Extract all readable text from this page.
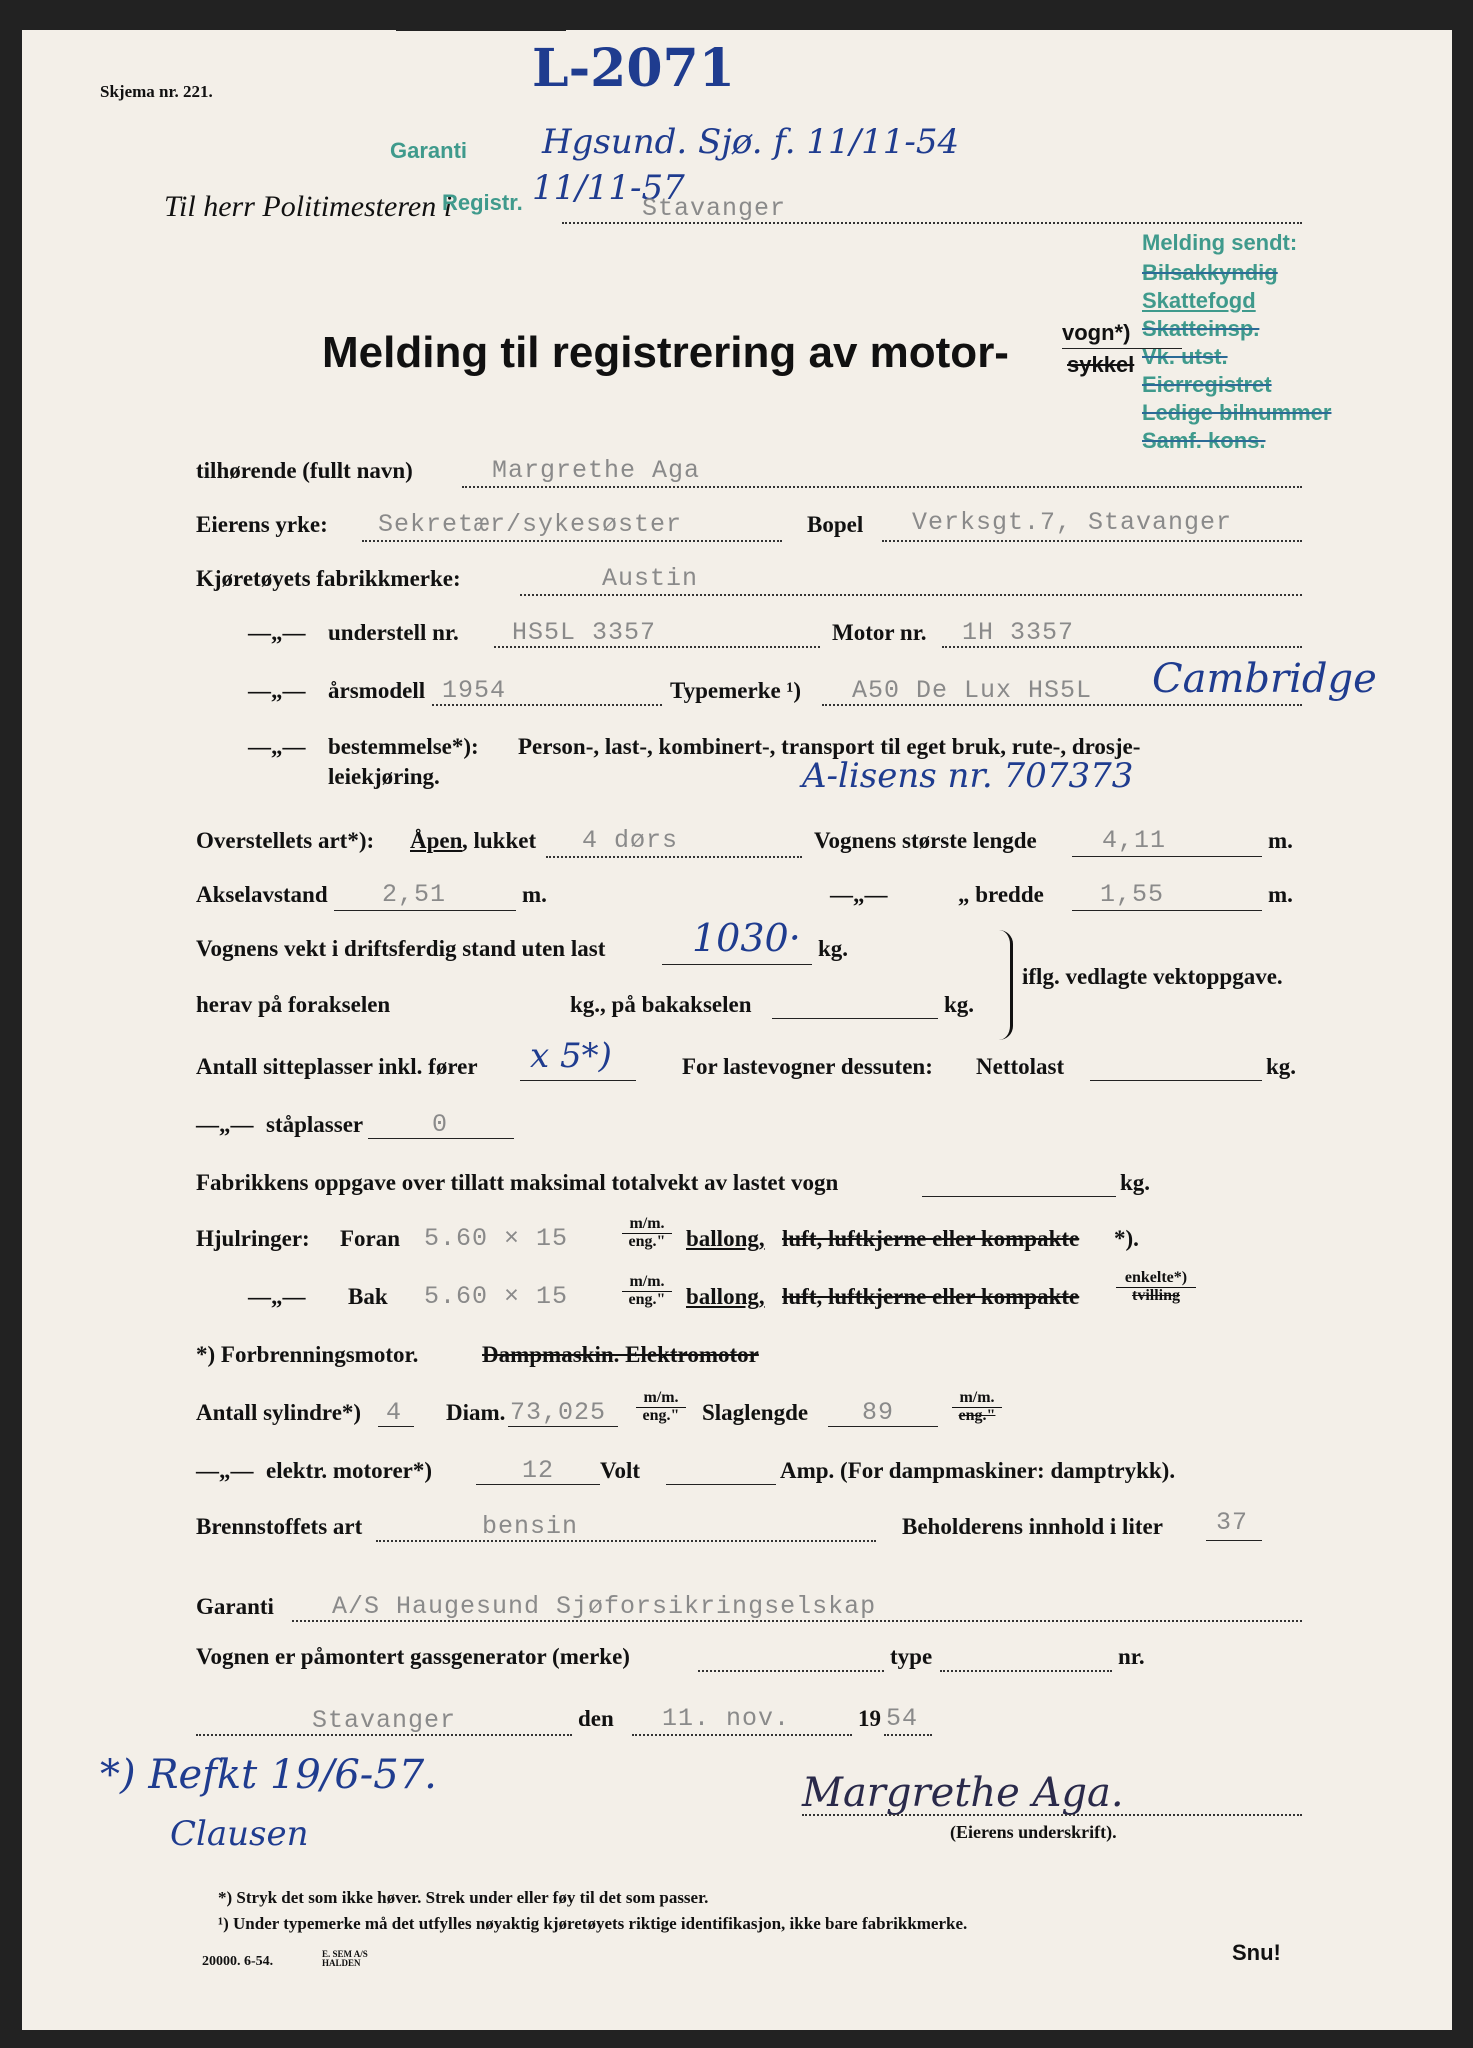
Skjema nr. 221.	L-2071
Garanti Hgsund. Sjø. f. 11/11-54
Til herr Politimesteren i
Registr. 11/11-57
Stavanger
Melding sendt:
Bilsakkyndig
Skattefogd
Skatteinsp.
Vk. utst.
Eierregistret
Ledige bilnummer
Samf. kons.
Melding til registrering av motor- vogn*)
sykkel
tilhørende (fullt navn)	Margrethe Aga
Eierens yrke: Sekretær/sykesøster	Bopel Verksgt.7, Stavanger
Kjøretøyets fabrikkmerke:	Austin
—„— understell nr. HS5L 3357	Motor nr. 1H 3357
—„— årsmodell 1954	Typemerke ¹) A50 De Lux HS5L Cambridge
—„— bestemmelse*): Person-, last-, kombinert-, transport til eget bruk, rute-, drosje-
leiekjøring.	A-lisens nr. 707373
Overstellets art*): Åpen , lukket 4 dørs	Vognens største lengde	4,11	m.
Akselavstand 2,51	m.	—„—	„ bredde 1,55	m.
Vognens vekt i driftsferdig stand uten last 1030· kg.
herav på forakselen	kg., på bakakselen	kg.
iflg. vedlagte vektoppgave.
Antall sitteplasser inkl. fører x 5*)	For lastevogner dessuten: Nettolast	kg.
—„— ståplasser	0
Fabrikkens oppgave over tillatt maksimal totalvekt av lastet vogn	kg.
Hjulringer: Foran 5.60 × 15
m/m.
eng." ballong, luft, luftkjerne eller kompakte *).
—„— Bak 5.60 × 15
m/m.
eng." ballong, luft, luftkjerne eller kompakte
enkelte*)
tvilling
*) Forbrenningsmotor.	Dampmaskin. Elektromotor
Antall sylindre*) 4 Diam. 73,025
m/m.
eng." Slaglengde 89
m/m.
eng."
—„— elektr. motorer*)	12 Volt	Amp. (For dampmaskiner: damptrykk).
Brennstoffets art	bensin	Beholderens innhold i liter 37
Garanti A/S Haugesund Sjøforsikringselskap
Vognen er påmontert gassgenerator (merke)	type	nr.
Stavanger	den 11. nov.	19 54
Margrethe Aga.
(Eierens underskrift).
*) Refkt 19/6-57.
Clausen
*) Stryk det som ikke høver. Strek under eller føy til det som passer.
¹) Under typemerke må det utfylles nøyaktig kjøretøyets riktige identifikasjon, ikke bare fabrikkmerke.
20000. 6-54.	E. SEM A/S HALDEN	Snu!
